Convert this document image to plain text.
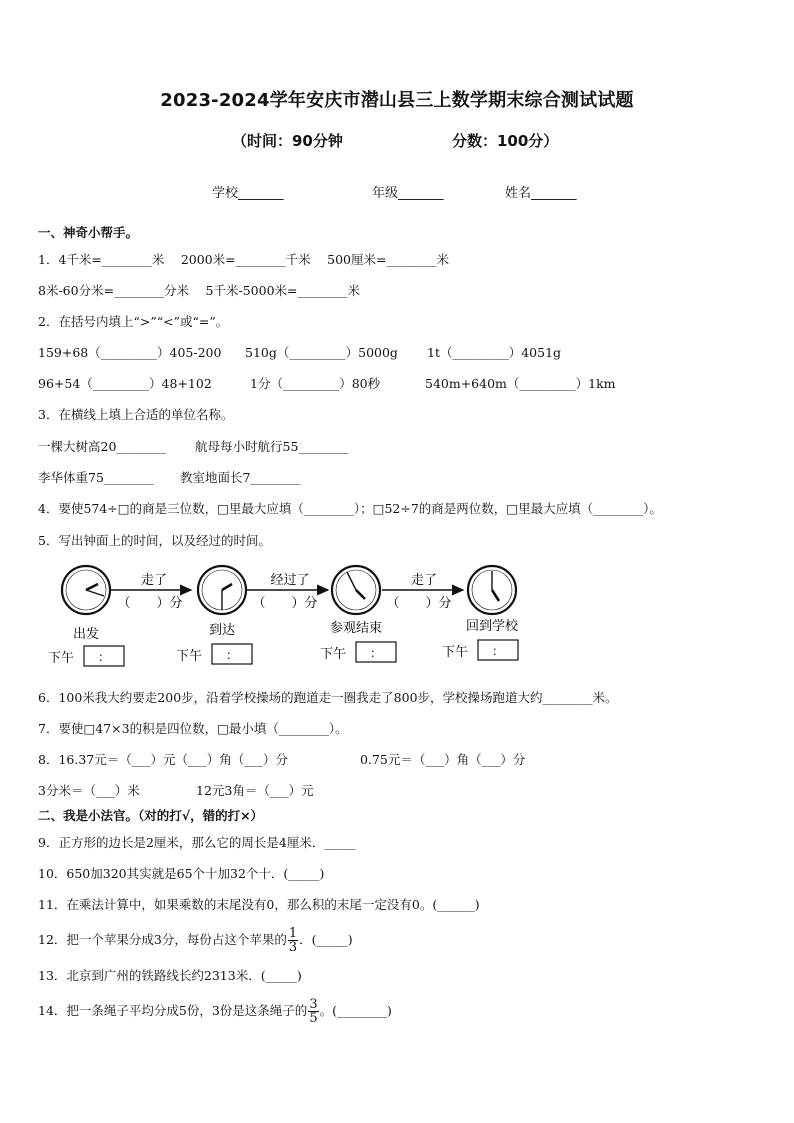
2023-2024学年安庆市潜山县三上数学期末综合测试试题
（时间：90分钟	分数：100分）
学校_______	年级_______	姓名_______
一、神奇小帮手。
1．4千米=________米　 2000米=________千米　 500厘米=________米
8米-60分米=________分米　 5千米-5000米=________米
2．在括号内填上“>”“<”或“=”。
159+68（_________）405-200 510g（_________）5000g 1t（_________）4051g
96+54（_________）48+102	1分（_________）80秒	540m+640m（_________）1km
3．在横线上填上合适的单位名称。
一棵大树高20________ 航母每小时航行55________
李华体重75________ 教室地面长7________
4．要使574÷□的商是三位数，□里最大应填（________）；□52÷7的商是两位数，□里最大应填（________）。
5．写出钟面上的时间，以及经过的时间。
走了	经过了	走了
（　　）分	（　　）分	（　　）分
出发	到达	参观结束	回到学校
下午 ：	下午 ：	下午 ：	下午 ：
6．100米我大约要走200步，沿着学校操场的跑道走一圈我走了800步，学校操场跑道大约________米。
7．要使□47×3的积是四位数，□最小填（________）。
8．16.37元＝（___）元（___）角（___）分	0.75元＝（___）角（___）分
3分米＝（___）米	12元3角＝（___）元
二、我是小法官。（对的打√，错的打×）
9．正方形的边长是2厘米，那么它的周长是4厘米．_____
10．650加320其实就是65个十加32个十．(_____)
11．在乘法计算中，如果乘数的末尾没有0，那么积的末尾一定没有0。(______)
12．把一个苹果分成3分，每份占这个苹果的 $\frac{1}{3}$ ．(_____)
13．北京到广州的铁路线长约2313米．(_____)
14．把一条绳子平均分成5份，3份是这条绳子的 $\frac{3}{5}$ 。(________)
